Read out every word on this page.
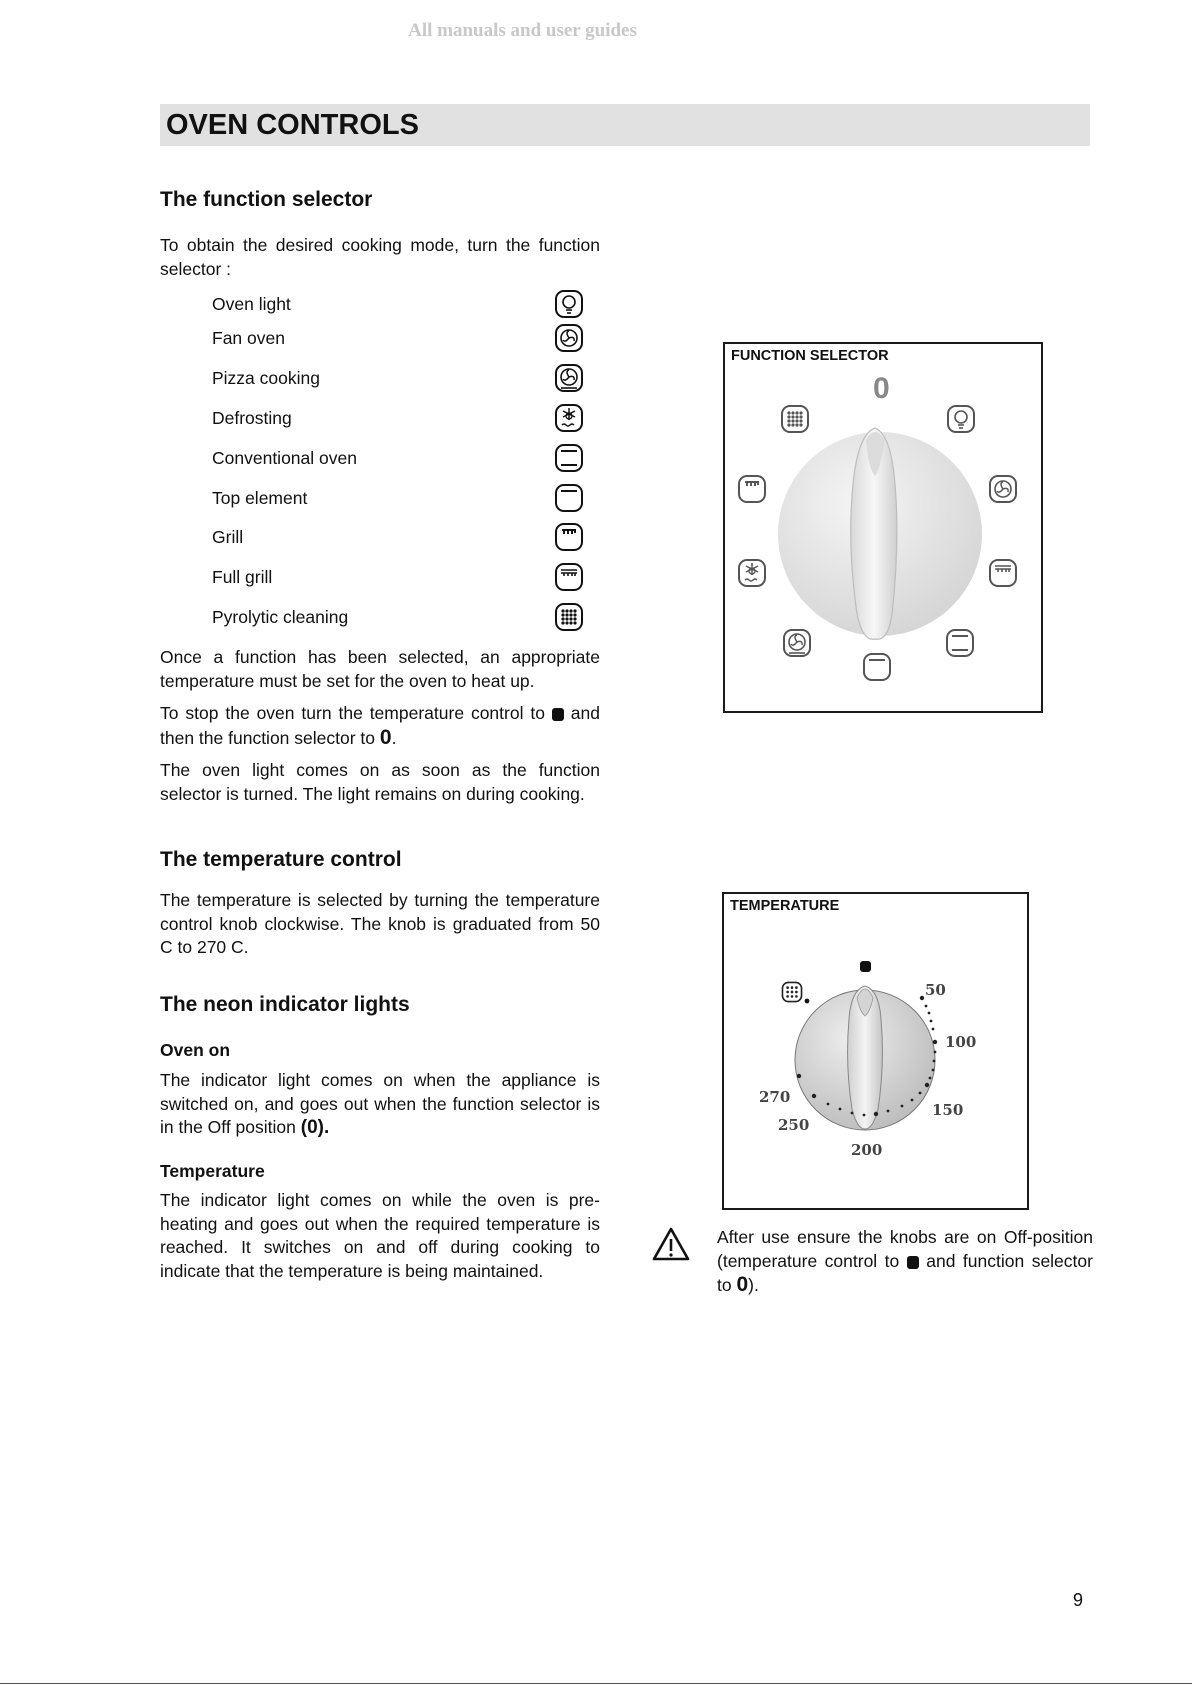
All manuals and user guides
OVEN CONTROLS
The function selector

To obtain the desired cooking mode, turn the function selector :

Oven light
Fan oven
Pizza cooking
Defrosting
Conventional oven
Top element
Grill
Full grill
Pyrolytic cleaning

Once a function has been selected, an appropriate temperature must be set for the oven to heat up.

To stop the oven turn the temperature control to and then the function selector to 0.

The oven light comes on as soon as the function selector is turned. The light remains on during cooking.

The temperature control

The temperature is selected by turning the temperature control knob clockwise. The knob is graduated from 50 C to 270 C.

The neon indicator lights
Oven on

The indicator light comes on when the appliance is switched on, and goes out when the function selector is in the Off position (0).

Temperature

The indicator light comes on while the oven is pre-heating and goes out when the required temperature is reached. It switches on and off during cooking to indicate that the temperature is being maintained.

FUNCTION SELECTOR
0
TEMPERATURE
50
100
150
200
250
270

After use ensure the knobs are on Off-position (temperature control to and function selector to 0).

9
